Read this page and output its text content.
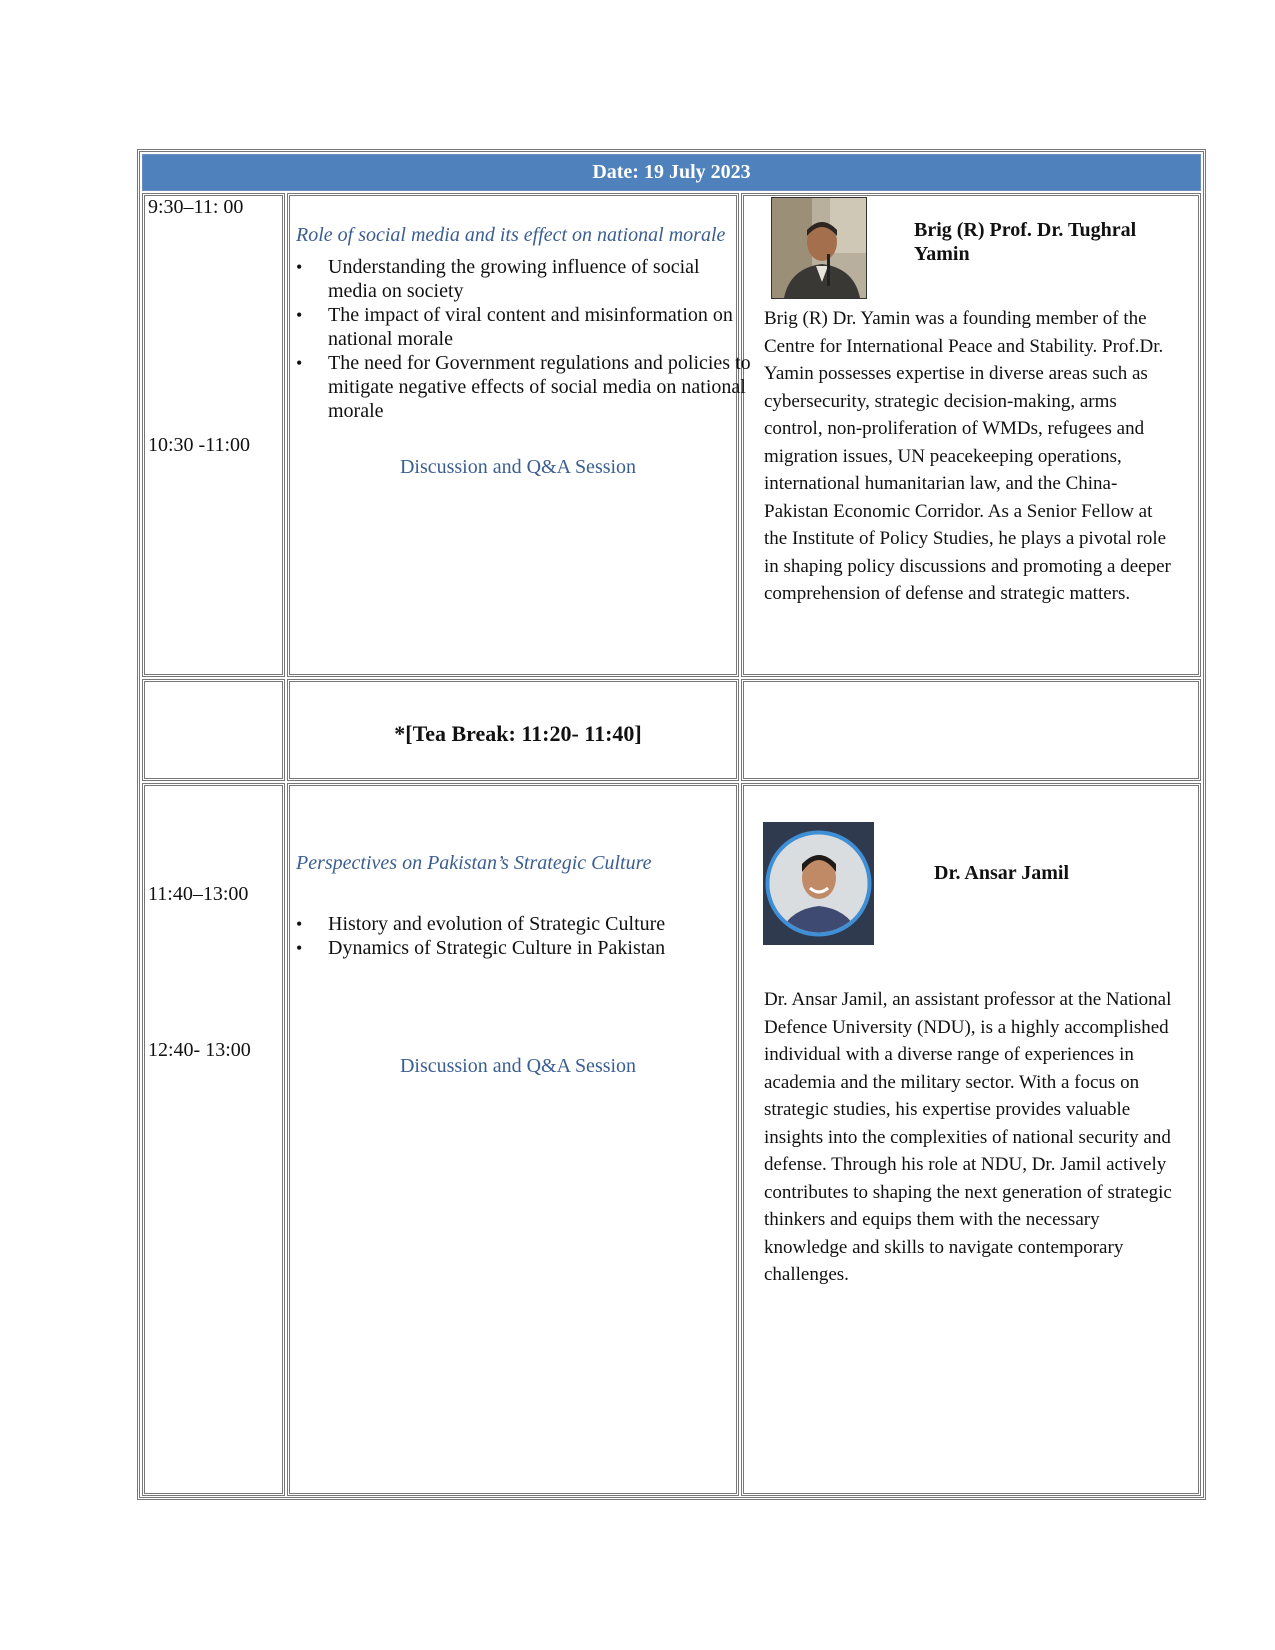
Date: 19 July 2023
9:30–11: 00
10:30 -11:00
Role of social media and its effect on national morale
• Understanding the growing influence of social media on society
• The impact of viral content and misinformation on national morale
• The need for Government regulations and policies to mitigate negative effects of social media on national morale
Discussion and Q&A Session
Brig (R) Prof. Dr. Tughral Yamin
Brig (R) Dr. Yamin was a founding member of the Centre for International Peace and Stability. Prof.Dr. Yamin possesses expertise in diverse areas such as cybersecurity, strategic decision-making, arms control, non-proliferation of WMDs, refugees and migration issues, UN peacekeeping operations, international humanitarian law, and the China-Pakistan Economic Corridor. As a Senior Fellow at the Institute of Policy Studies, he plays a pivotal role in shaping policy discussions and promoting a deeper comprehension of defense and strategic matters.
*[Tea Break: 11:20- 11:40]
11:40–13:00
12:40- 13:00
Perspectives on Pakistan’s Strategic Culture
• History and evolution of Strategic Culture
• Dynamics of Strategic Culture in Pakistan
Discussion and Q&A Session
Dr. Ansar Jamil
Dr. Ansar Jamil, an assistant professor at the National Defence University (NDU), is a highly accomplished individual with a diverse range of experiences in academia and the military sector. With a focus on strategic studies, his expertise provides valuable insights into the complexities of national security and defense. Through his role at NDU, Dr. Jamil actively contributes to shaping the next generation of strategic thinkers and equips them with the necessary knowledge and skills to navigate contemporary challenges.
